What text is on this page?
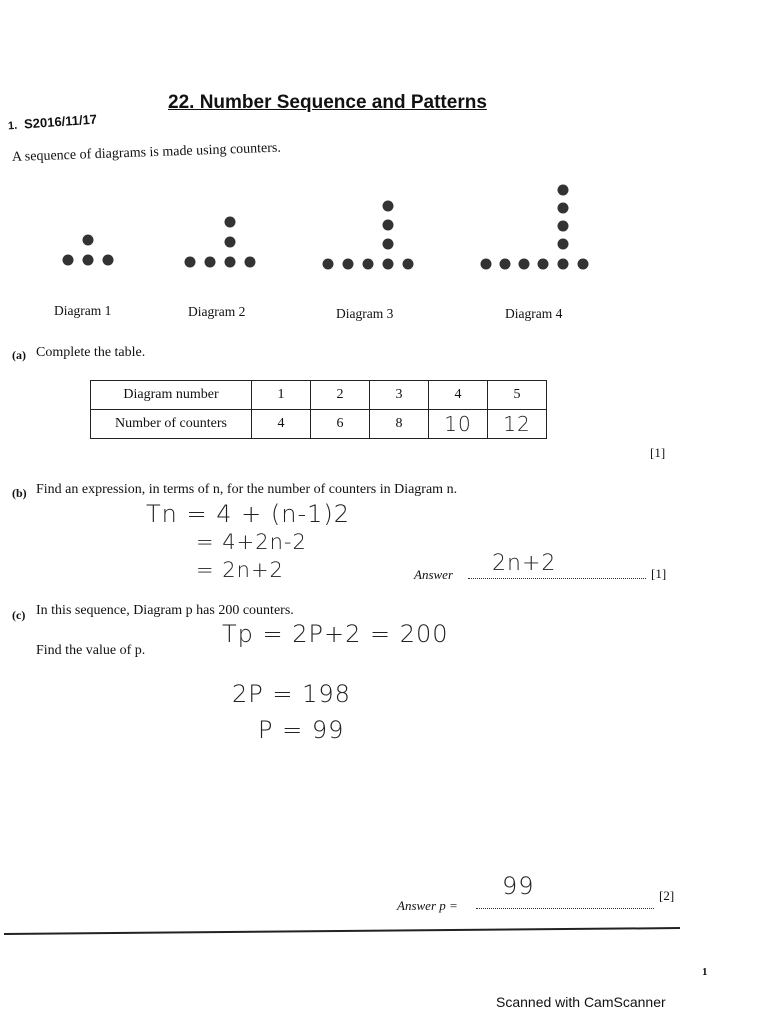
22. Number Sequence and Patterns
1. S2016/11/17
A sequence of diagrams is made using counters.
Diagram 1	Diagram 2	Diagram 3	Diagram 4
(a) Complete the table.
Diagram number	1	2	3	4	5
Number of counters	4	6	8	10	12
[1]
(b) Find an expression, in terms of n, for the number of counters in Diagram n.
Tn = 4 + (n-1)2
= 4+2n-2
= 2n+2	Answer 2n+2	[1]
(c) In this sequence, Diagram p has 200 counters.
Find the value of p.
Tp = 2P+2 = 200
2P = 198
P = 99
Answer p =
99	[2]
1
Scanned with CamScanner
